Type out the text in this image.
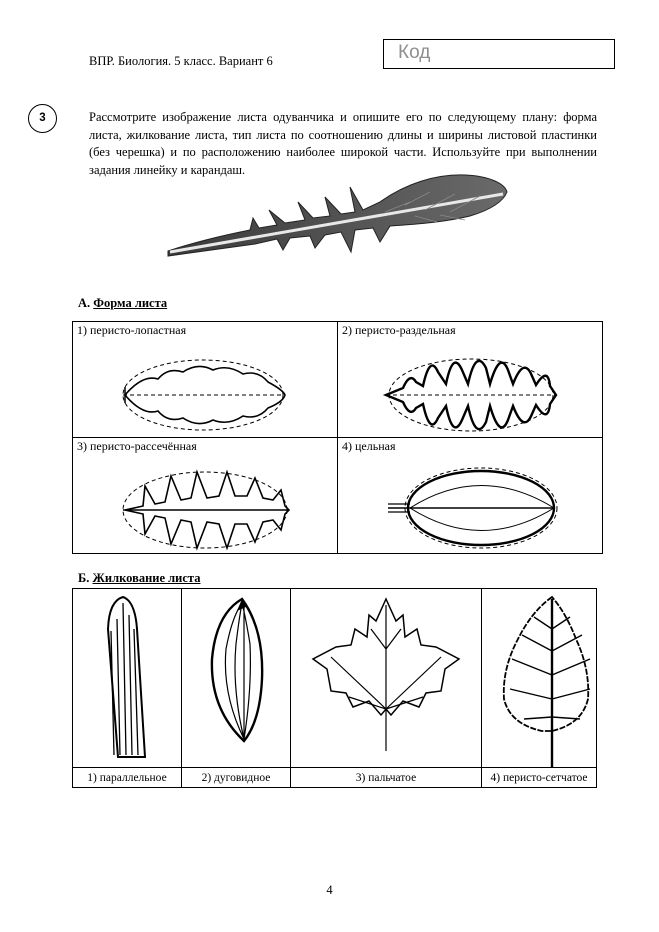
ВПР. Биология. 5 класс. Вариант 6	Код
3	Рассмотрите изображение листа одуванчика и опишите его по следующему плану: форма листа, жилкование листа, тип листа по соотношению длины и ширины листовой пластинки (без черешка) и по расположению наиболее широкой части. Используйте при выполнении задания линейку и карандаш.
А. Форма листа
1) перисто-лопастная	2) перисто-раздельная

3) перисто-рассечённая	4) цельная
Б. Жилкование листа

1) параллельное	2) дуговидное	3) пальчатое	4) перисто-сетчатое
4
